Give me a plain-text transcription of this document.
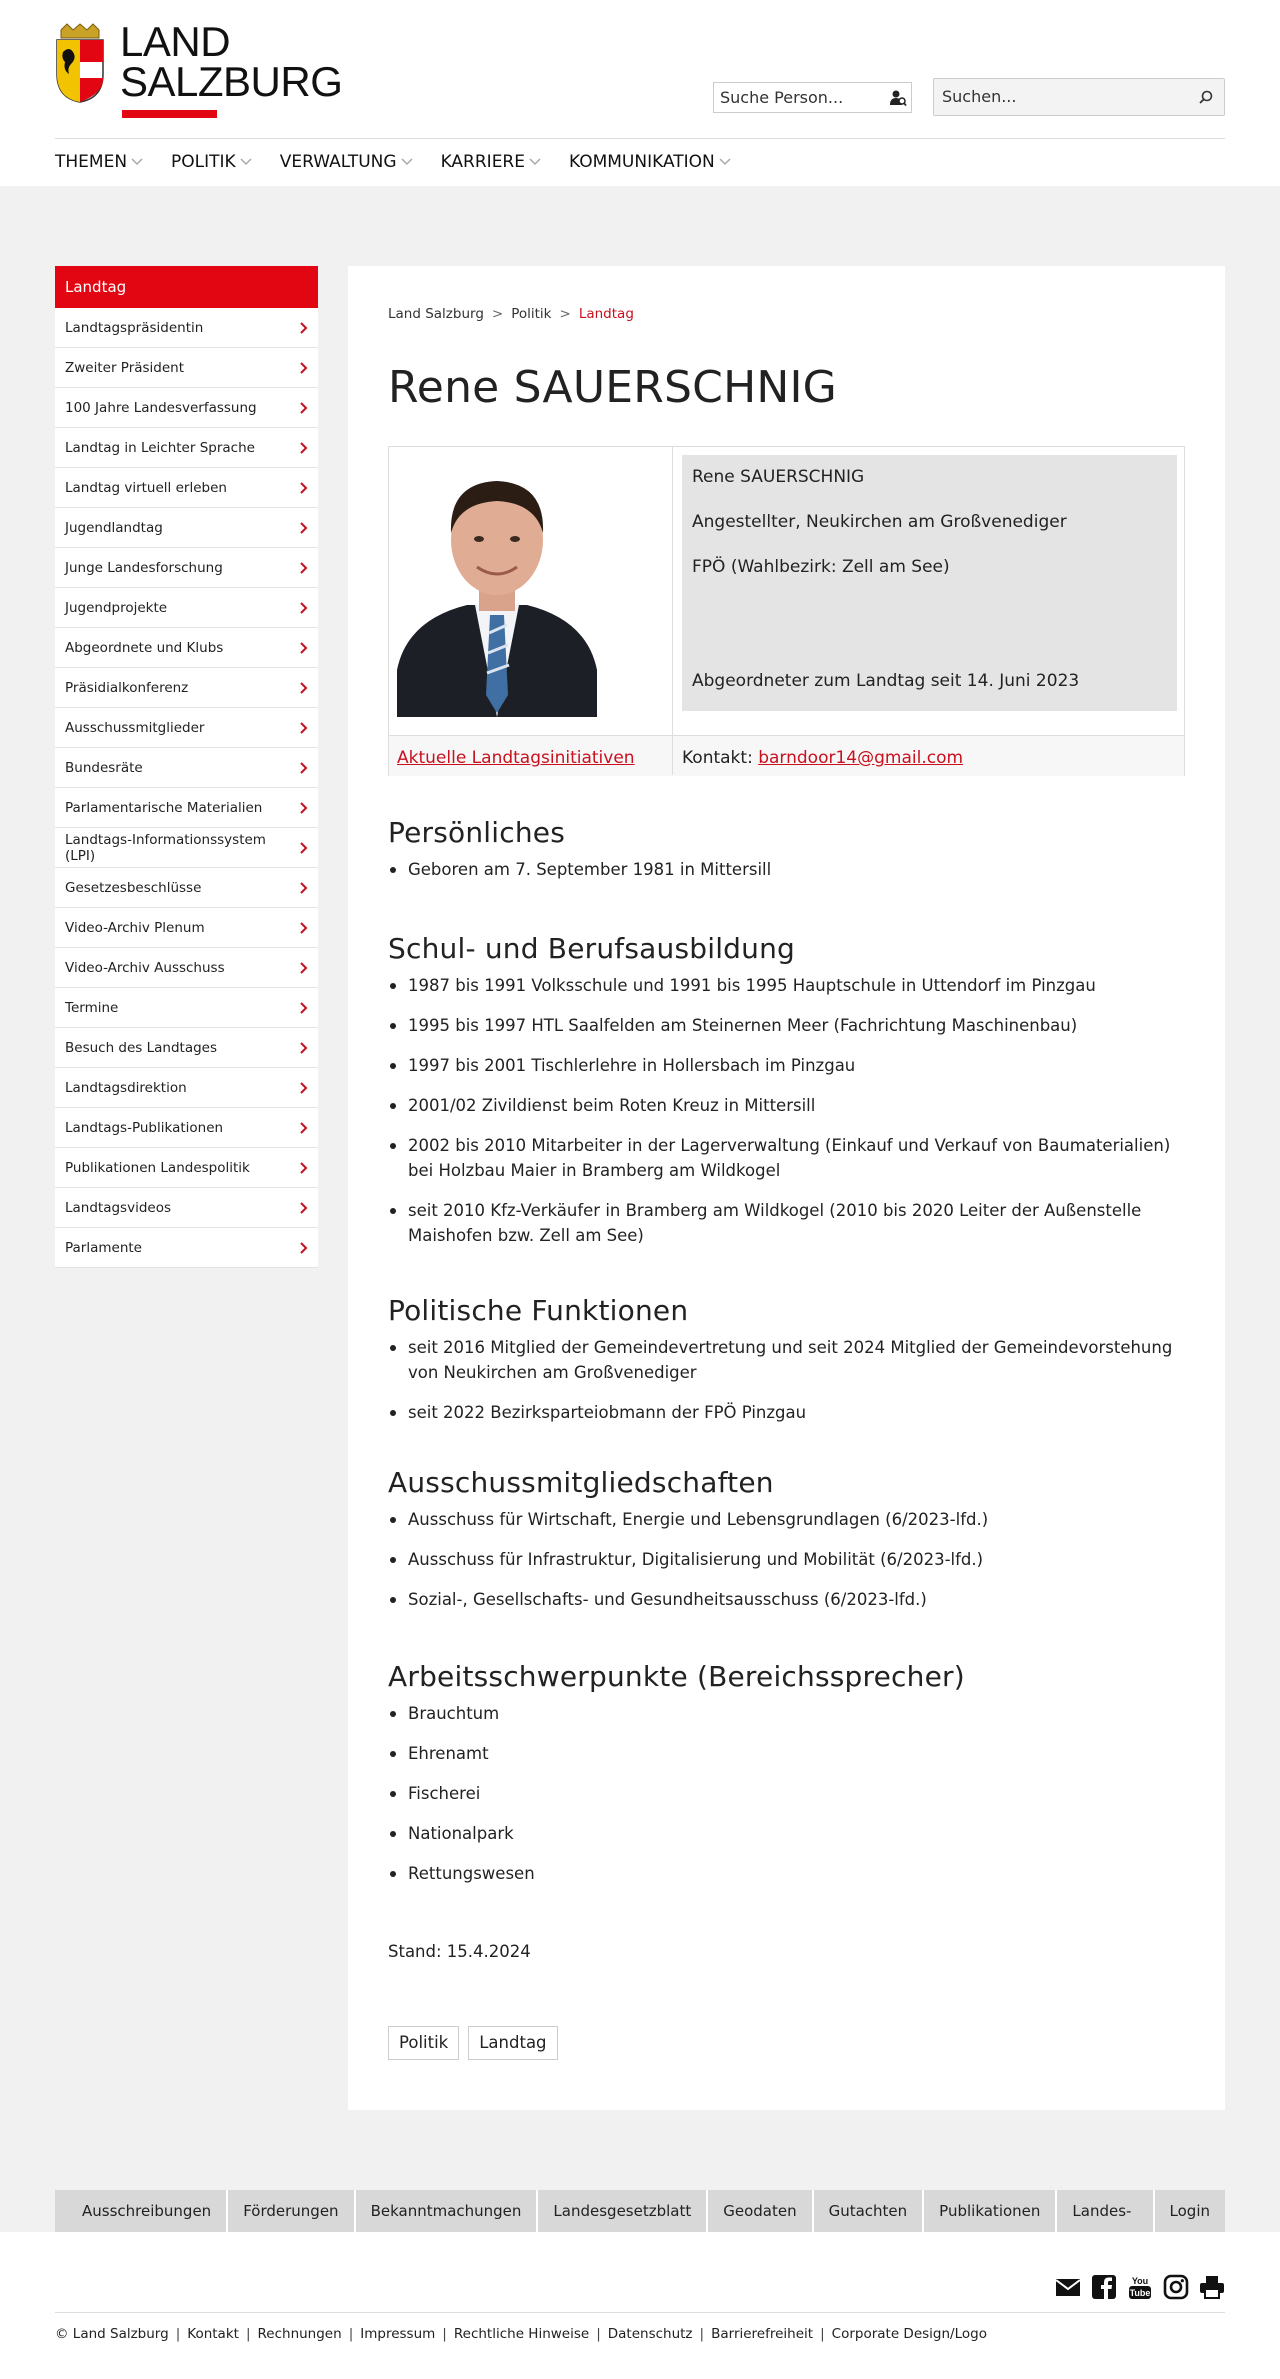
LAND
SALZBURG	Suche Person...	Suchen...
THEMEN	POLITIK	VERWALTUNG	KARRIERE	KOMMUNIKATION
Landtag
Landtagspräsidentin
Zweiter Präsident
100 Jahre Landesverfassung
Landtag in Leichter Sprache
Landtag virtuell erleben
Jugendlandtag
Junge Landesforschung
Jugendprojekte
Abgeordnete und Klubs
Präsidialkonferenz
Ausschussmitglieder
Bundesräte
Parlamentarische Materialien
Landtags-Informationssystem (LPI)
Gesetzesbeschlüsse
Video-Archiv Plenum
Video-Archiv Ausschuss
Termine
Besuch des Landtages
Landtagsdirektion
Landtags-Publikationen
Publikationen Landespolitik
Landtagsvideos
Parlamente
Land Salzburg > Politik > Landtag
Rene SAUERSCHNIG

Rene SAUERSCHNIG

Angestellter, Neukirchen am Großvenediger

FPÖ (Wahlbezirk: Zell am See)

Abgeordneter zum Landtag seit 14. Juni 2023

Aktuelle Landtagsinitiativen	Kontakt: barndoor14@gmail.com
Persönliches
Geboren am 7. September 1981 in Mittersill
Schul- und Berufsausbildung
1987 bis 1991 Volksschule und 1991 bis 1995 Hauptschule in Uttendorf im Pinzgau
1995 bis 1997 HTL Saalfelden am Steinernen Meer (Fachrichtung Maschinenbau)
1997 bis 2001 Tischlerlehre in Hollersbach im Pinzgau
2001/02 Zivildienst beim Roten Kreuz in Mittersill
2002 bis 2010 Mitarbeiter in der Lagerverwaltung (Einkauf und Verkauf von Baumaterialien) bei Holzbau Maier in Bramberg am Wildkogel
seit 2010 Kfz-Verkäufer in Bramberg am Wildkogel (2010 bis 2020 Leiter der Außenstelle Maishofen bzw. Zell am See)
Politische Funktionen
seit 2016 Mitglied der Gemeindevertretung und seit 2024 Mitglied der Gemeindevorstehung von Neukirchen am Großvenediger
seit 2022 Bezirksparteiobmann der FPÖ Pinzgau
Ausschussmitgliedschaften
Ausschuss für Wirtschaft, Energie und Lebensgrundlagen (6/2023-lfd.)
Ausschuss für Infrastruktur, Digitalisierung und Mobilität (6/2023-lfd.)
Sozial-, Gesellschafts- und Gesundheitsausschuss (6/2023-lfd.)
Arbeitsschwerpunkte (Bereichssprecher)
Brauchtum
Ehrenamt
Fischerei
Nationalpark
Rettungswesen
Stand: 15.4.2024
Politik	Landtag
Ausschreibungen	Förderungen	Bekanntmachungen	Landesgesetzblatt	Geodaten	Gutachten	Publikationen	Landes-	Login
You
Tube
© Land Salzburg | Kontakt | Rechnungen | Impressum | Rechtliche Hinweise | Datenschutz | Barrierefreiheit | Corporate Design/Logo
